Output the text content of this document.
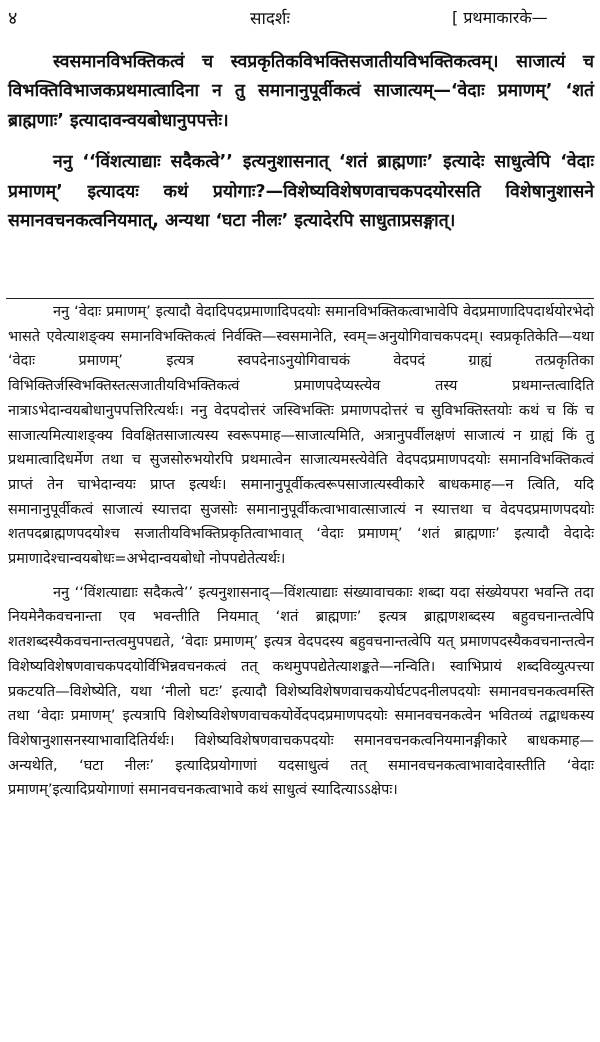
४	सादर्शः	[ प्रथमाकारके—

स्वसमानविभक्तिकत्वं च स्वप्रकृतिकविभक्तिसजातीयविभक्तिकत्वम्। साजात्यं च विभक्तिविभाजकप्रथमात्वादिना न तु समानानुपूर्वीकत्वं साजात्यम्—‘वेदाः प्रमाणम्’ ‘शतं ब्राह्मणाः’ इत्यादावन्वयबोधानुपपत्तेः।

ननु ‘‘विंशत्याद्याः सदैकत्वे’’ इत्यनुशासनात् ‘शतं ब्राह्मणाः’ इत्यादेः साधुत्वेपि ‘वेदाः प्रमाणम्’ इत्यादयः कथं प्रयोगाः?—विशेष्यविशेषणवाचकपदयोरसति विशेषानुशासने समानवचनकत्वनियमात्, अन्यथा ‘घटा नीलः’ इत्यादेरपि साधुताप्रसङ्गात्।

ननु ‘वेदाः प्रमाणम्’ इत्यादौ वेदादिपदप्रमाणादिपदयोः समानविभक्तिकत्वाभावेपि वेदप्रमाणादिपदार्थयोरभेदो भासते एवेत्याशङ्क्य समानविभक्तिकत्वं निर्वक्ति—स्वसमानेति, स्वम्=अनुयोगिवाचकपदम्। स्वप्रकृतिकेति—यथा ‘वेदाः प्रमाणम्’ इत्यत्र स्वपदेनाऽनुयोगिवाचकं वेदपदं ग्राह्यं तत्प्रकृतिका विभिक्तिर्जस्विभक्तिस्तत्सजातीयविभक्तिकत्वं प्रमाणपदेप्यस्त्येव तस्य प्रथमान्तत्वादिति नात्राऽभेदान्वयबोधानुपपत्तिरित्यर्थः। ननु वेदपदोत्तरं जस्विभक्तिः प्रमाणपदोत्तरं च सुविभक्तिस्तयोः कथं च किं च साजात्यमित्याशङ्क्य विवक्षितसाजात्यस्य स्वरूपमाह—साजात्यमिति, अत्रानुपर्वीलक्षणं साजात्यं न ग्राह्यं किं तु प्रथमात्वादिधर्मेण तथा च सुजसोरुभयोरपि प्रथमात्वेन साजात्यमस्त्येवेति वेदपदप्रमाणपदयोः समानविभक्तिकत्वं प्राप्तं तेन चाभेदान्वयः प्राप्त इत्यर्थः। समानानुपूर्वीकत्वरूपसाजात्यस्वीकारे बाधकमाह—न त्विति, यदि समानानुपूर्वीकत्वं साजात्यं स्यात्तदा सुजसोः समानानुपूर्वीकत्वाभावात्साजात्यं न स्यात्तथा च वेदपदप्रमाणपदयोः शतपदब्राह्मणपदयोश्च सजातीयविभक्तिप्रकृतित्वाभावात् ‘वेदाः प्रमाणम्’ ‘शतं ब्राह्मणाः’ इत्यादौ वेदादेः प्रमाणादेश्चान्वयबोधः=अभेदान्वयबोधो नोपपद्येतेत्यर्थः।

ननु ‘‘विंशत्याद्याः सदैकत्वे’’ इत्यनुशासनाद्—विंशत्याद्याः संख्यावाचकाः शब्दा यदा संख्येयपरा भवन्ति तदा नियमेनैकवचनान्ता एव भवन्तीति नियमात् ‘शतं ब्राह्मणाः’ इत्यत्र ब्राह्मणशब्दस्य बहुवचनान्तत्वेपि शतशब्दस्यैकवचनान्तत्वमुपपद्यते, ‘वेदाः प्रमाणम्’ इत्यत्र वेदपदस्य बहुवचनान्तत्वेपि यत् प्रमाणपदस्यैकवचनान्तत्वेन विशेष्यविशेषणवाचकपदयोर्विभिन्नवचनकत्वं तत् कथमुपपद्येतेत्याशङ्कते—नन्विति। स्वाभिप्रायं शब्दविव्युत्पत्त्या प्रकटयति—विशेष्येति, यथा ‘नीलो घटः’ इत्यादौ विशेष्यविशेषणवाचकयोर्घटपदनीलपदयोः समानवचनकत्वमस्ति तथा ‘वेदाः प्रमाणम्’ इत्यत्रापि विशेष्यविशेषणवाचकयोर्वेदपदप्रमाणपदयोः समानवचनकत्वेन भवितव्यं तद्बाधकस्य विशेषानुशासनस्याभावादितिर्यर्थः। विशेष्यविशेषणवाचकपदयोः समानवचनकत्वनियमानङ्गीकारे बाधकमाह—अन्यथेति, ‘घटा नीलः’ इत्यादिप्रयोगाणां यदसाधुत्वं तत् समानवचनकत्वाभावादेवास्तीति ‘वेदाः प्रमाणम्’इत्यादिप्रयोगाणां समानवचनकत्वाभावे कथं साधुत्वं स्यादित्याऽऽक्षेपः।
